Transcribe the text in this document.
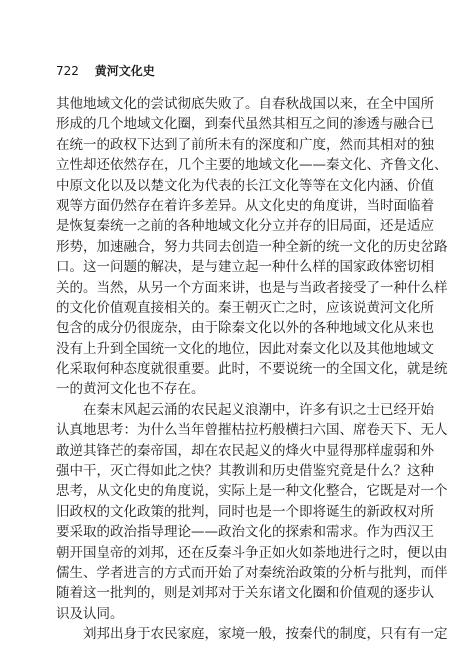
722 黄河文化史
其他地域文化的尝试彻底失败了。自春秋战国以来，在全中国所
形成的几个地域文化圈，到秦代虽然其相互之间的渗透与融合已
在统一的政权下达到了前所未有的深度和广度，然而其相对的独
立性却还依然存在，几个主要的地域文化——秦文化、齐鲁文化、
中原文化以及以楚文化为代表的长江文化等等在文化内涵、价值
观等方面仍然存在着许多差异。从文化史的角度讲，当时面临着
是恢复秦统一之前的各种地域文化分立并存的旧局面，还是适应
形势，加速融合，努力共同去创造一种全新的统一文化的历史岔路
口。这一问题的解决，是与建立起一种什么样的国家政体密切相
关的。当然，从另一个方面来讲，也是与当政者接受了一种什么样
的文化价值观直接相关的。秦王朝灭亡之时，应该说黄河文化所
包含的成分仍很庞杂，由于除秦文化以外的各种地域文化从来也
没有上升到全国统一文化的地位，因此对秦文化以及其他地域文
化采取何种态度就很重要。此时，不要说统一的全国文化，就是统
一的黄河文化也不存在。
在秦末风起云涌的农民起义浪潮中，许多有识之士已经开始
认真地思考：为什么当年曾摧枯拉朽般横扫六国、席卷天下、无人
敢逆其锋芒的秦帝国，却在农民起义的烽火中显得那样虚弱和外
强中干，灭亡得如此之快？其教训和历史借鉴究竟是什么？这种
思考，从文化史的角度说，实际上是一种文化整合，它既是对一个
旧政权的文化政策的批判，同时也是一个即将诞生的新政权对所
要采取的政治指导理论——政治文化的探索和需求。作为西汉王
朝开国皇帝的刘邦，还在反秦斗争正如火如荼地进行之时，便以由
儒生、学者进言的方式而开始了对秦统治政策的分析与批判，而伴
随着这一批判的，则是刘邦对于关东诸文化圈和价值观的逐步认
识及认同。
刘邦出身于农民家庭，家境一般，按秦代的制度，只有有一定
